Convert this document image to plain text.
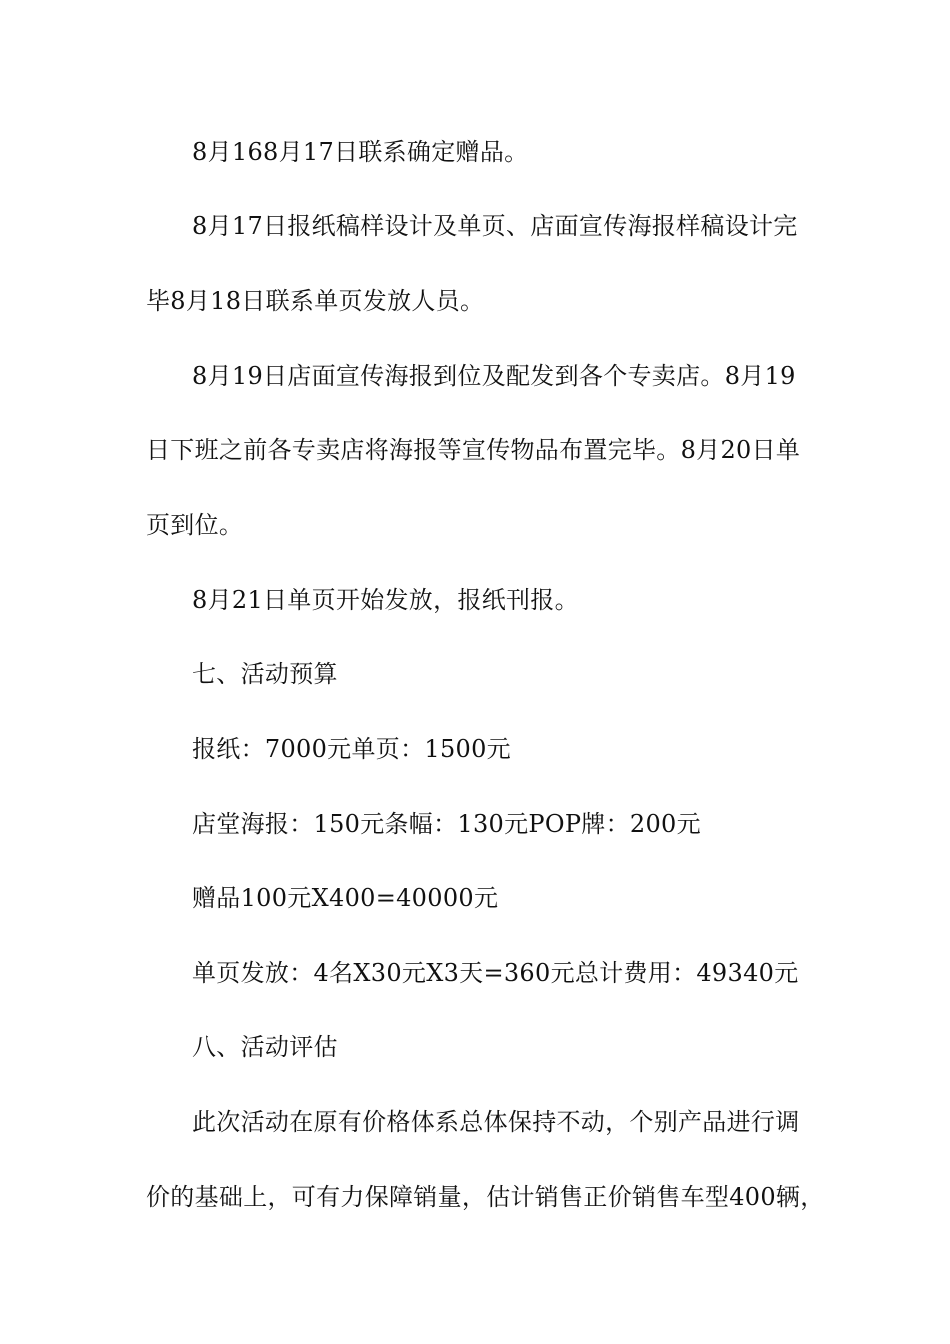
8月168月17日联系确定赠品。
8月17日报纸稿样设计及单页、店面宣传海报样稿设计完
毕8月18日联系单页发放人员。
8月19日店面宣传海报到位及配发到各个专卖店。8月19
日下班之前各专卖店将海报等宣传物品布置完毕。8月20日单
页到位。
8月21日单页开始发放，报纸刊报。
七、活动预算
报纸：7000元单页：1500元
店堂海报：150元条幅：130元POP牌：200元
赠品100元X400=40000元
单页发放：4名X30元X3天=360元总计费用：49340元
八、活动评估
此次活动在原有价格体系总体保持不动，个别产品进行调
价的基础上，可有力保障销量，估计销售正价销售车型400辆，
